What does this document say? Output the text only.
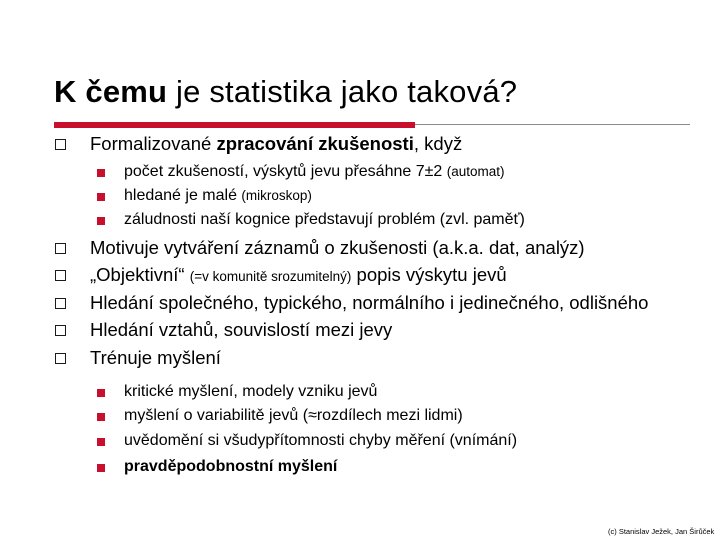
K čemu je statistika jako taková?
Formalizované zpracování zkušenosti, když
počet zkušeností, výskytů jevu přesáhne 7±2 (automat)
hledané je malé (mikroskop)
záludnosti naší kognice představují problém (zvl. paměť)
Motivuje vytváření záznamů o zkušenosti (a.k.a. dat, analýz)
„Objektivní“ (=v komunitě srozumitelný) popis výskytu jevů
Hledání společného, typického, normálního i jedinečného, odlišného
Hledání vztahů, souvislostí mezi jevy
Trénuje myšlení
kritické myšlení, modely vzniku jevů
myšlení o variabilitě jevů (≈rozdílech mezi lidmi)
uvědomění si všudypřítomnosti chyby měření (vnímání)
pravděpodobnostní myšlení
(c) Stanislav Ježek, Jan Širůček
